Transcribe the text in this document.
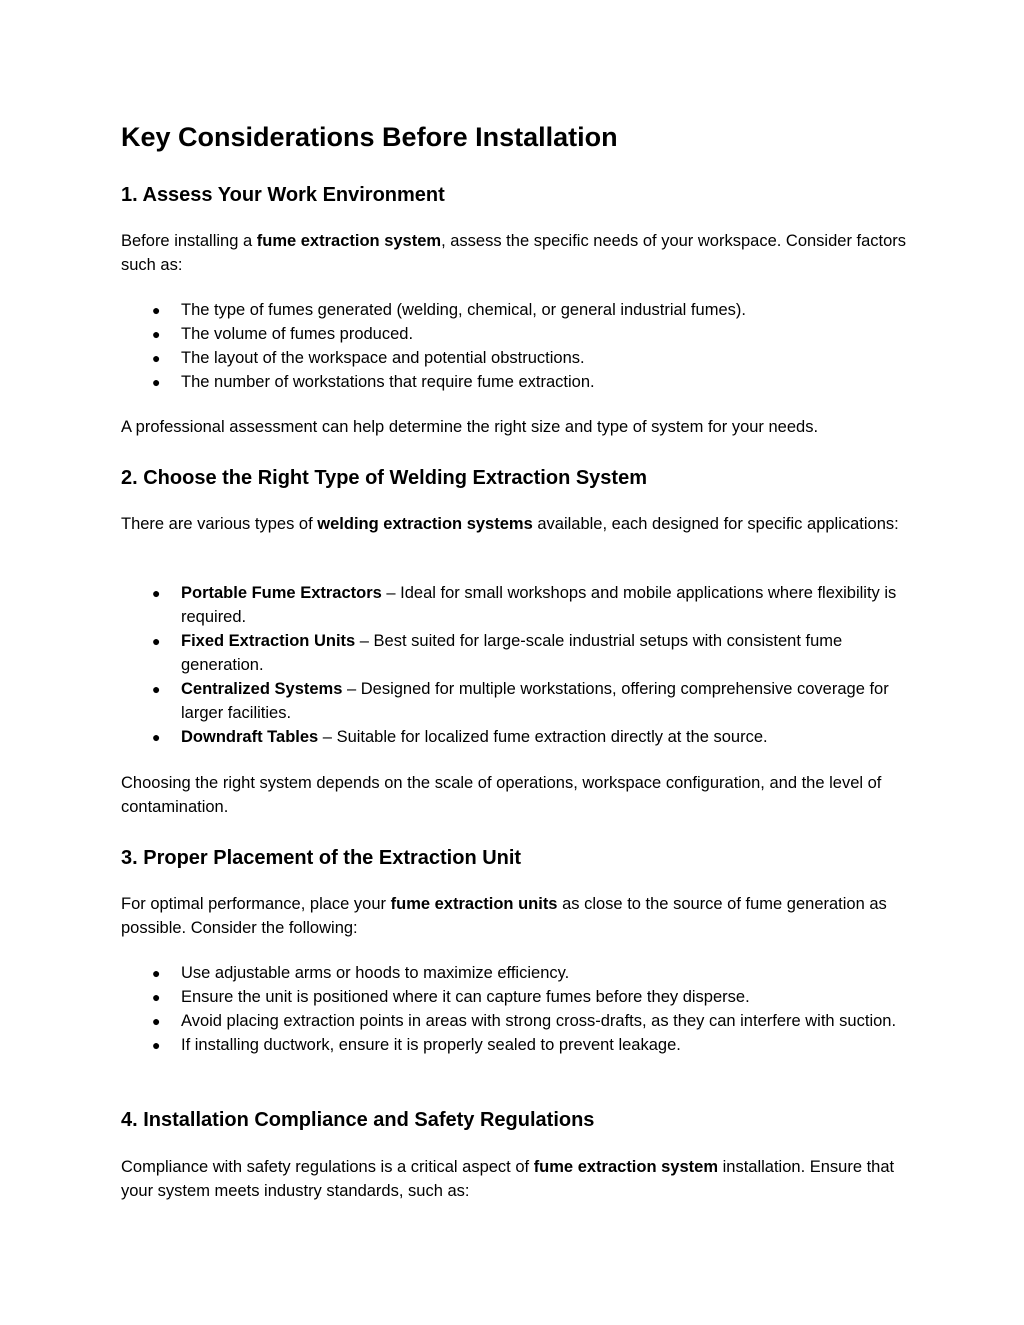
Key Considerations Before Installation
1. Assess Your Work Environment

Before installing a fume extraction system, assess the specific needs of your workspace. Consider factors such as:

● The type of fumes generated (welding, chemical, or general industrial fumes).
● The volume of fumes produced.
● The layout of the workspace and potential obstructions.
● The number of workstations that require fume extraction.

A professional assessment can help determine the right size and type of system for your needs.

2. Choose the Right Type of Welding Extraction System

There are various types of welding extraction systems available, each designed for specific applications:

● Portable Fume Extractors – Ideal for small workshops and mobile applications where flexibility is required.
● Fixed Extraction Units – Best suited for large-scale industrial setups with consistent fume generation.
● Centralized Systems – Designed for multiple workstations, offering comprehensive coverage for larger facilities.
● Downdraft Tables – Suitable for localized fume extraction directly at the source.

Choosing the right system depends on the scale of operations, workspace configuration, and the level of contamination.

3. Proper Placement of the Extraction Unit

For optimal performance, place your fume extraction units as close to the source of fume generation as possible. Consider the following:

● Use adjustable arms or hoods to maximize efficiency.
● Ensure the unit is positioned where it can capture fumes before they disperse.
● Avoid placing extraction points in areas with strong cross-drafts, as they can interfere with suction.
● If installing ductwork, ensure it is properly sealed to prevent leakage.
4. Installation Compliance and Safety Regulations

Compliance with safety regulations is a critical aspect of fume extraction system installation. Ensure that your system meets industry standards, such as:
